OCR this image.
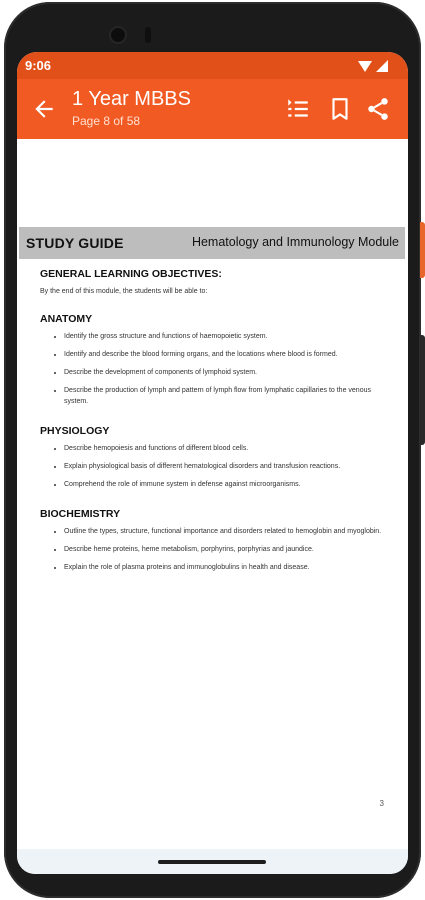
9:06
1 Year MBBS
Page 8 of 58
STUDY GUIDE	Hematology and Immunology Module

GENERAL LEARNING OBJECTIVES:

By the end of this module, the students will be able to:

ANATOMY
• Identify the gross structure and functions of haemopoietic system.
• Identify and describe the blood forming organs, and the locations where blood is formed.
• Describe the development of components of lymphoid system.
• Describe the production of lymph and pattern of lymph flow from lymphatic capillaries to the venous system.
PHYSIOLOGY
• Describe hemopoiesis and functions of different blood cells.
• Explain physiological basis of different hematological disorders and transfusion reactions.
• Comprehend the role of immune system in defense against microorganisms.
BIOCHEMISTRY
• Outline the types, structure, functional importance and disorders related to hemoglobin and myoglobin.
• Describe heme proteins, heme metabolism, porphyrins, porphyrias and jaundice.
• Explain the role of plasma proteins and immunoglobulins in health and disease.
3
